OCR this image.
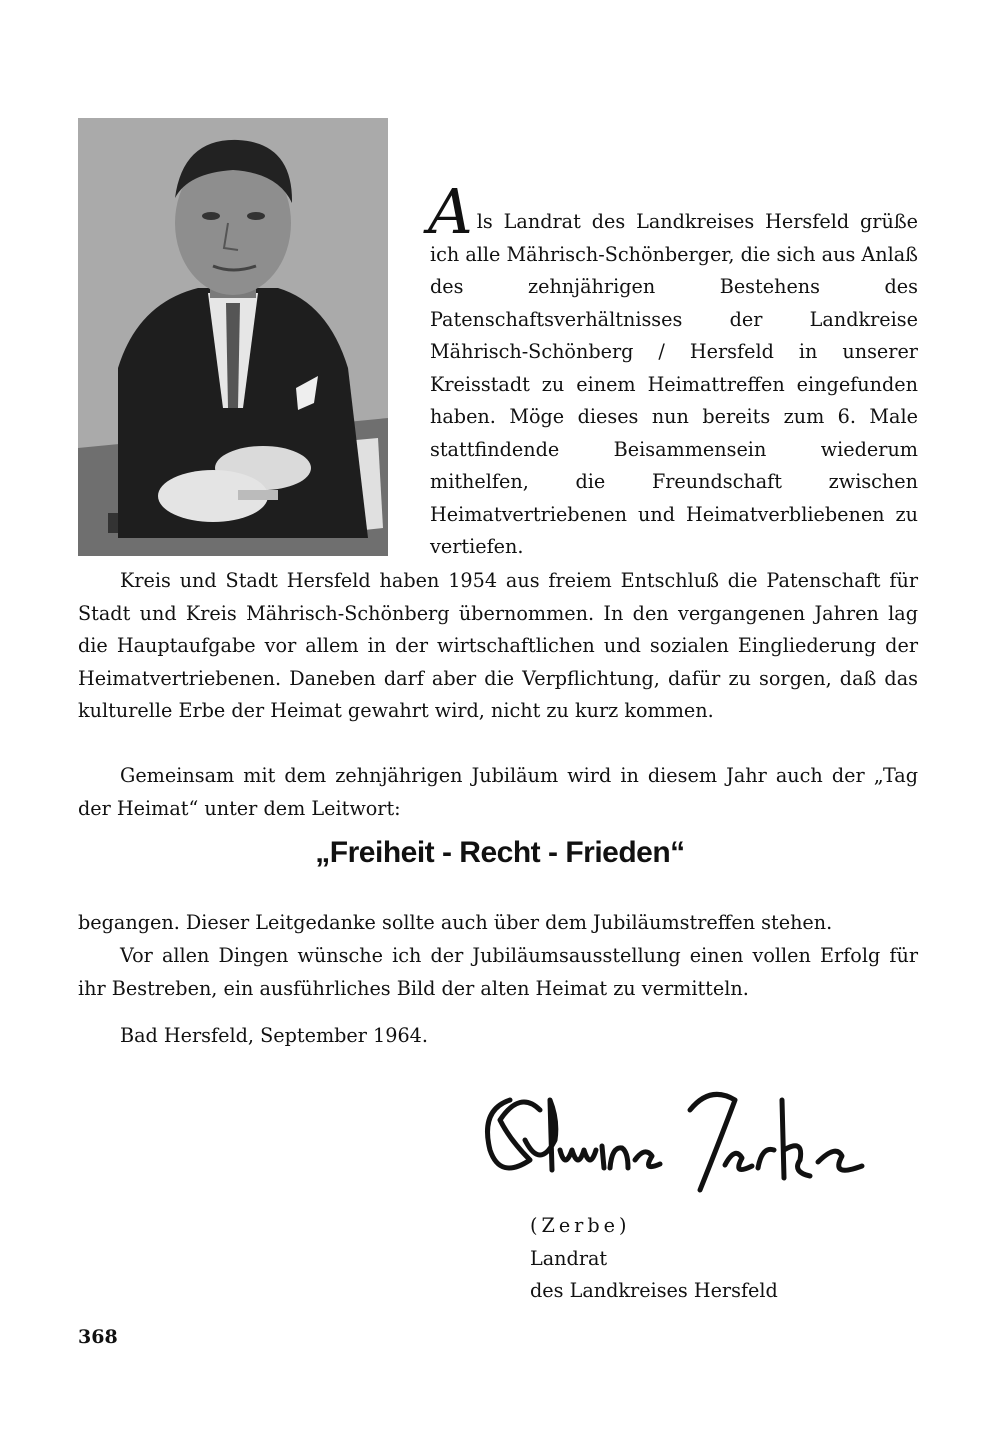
Als Landrat des Landkreises Hersfeld grüße ich alle Mährisch-Schönberger, die sich aus Anlaß des zehnjährigen Bestehens des Patenschaftsverhältnisses der Landkreise Mährisch-Schönberg / Hersfeld in unserer Kreisstadt zu einem Heimattreffen eingefunden haben. Möge dieses nun bereits zum 6. Male stattfindende Beisammensein wiederum mithelfen, die Freundschaft zwischen Heimatvertriebenen und Heimatverbliebenen zu vertiefen.

Kreis und Stadt Hersfeld haben 1954 aus freiem Entschluß die Patenschaft für Stadt und Kreis Mährisch-Schönberg übernommen. In den vergangenen Jahren lag die Hauptaufgabe vor allem in der wirtschaftlichen und sozialen Eingliederung der Heimatvertriebenen. Daneben darf aber die Verpflichtung, dafür zu sorgen, daß das kulturelle Erbe der Heimat gewahrt wird, nicht zu kurz kommen.

Gemeinsam mit dem zehnjährigen Jubiläum wird in diesem Jahr auch der „Tag der Heimat“ unter dem Leitwort:

„Freiheit - Recht - Frieden“

begangen. Dieser Leitgedanke sollte auch über dem Jubiläumstreffen stehen.

Vor allen Dingen wünsche ich der Jubiläumsausstellung einen vollen Erfolg für ihr Bestreben, ein ausführliches Bild der alten Heimat zu vermitteln.

Bad Hersfeld, September 1964.

(Zerbe)
Landrat
des Landkreises Hersfeld

368
